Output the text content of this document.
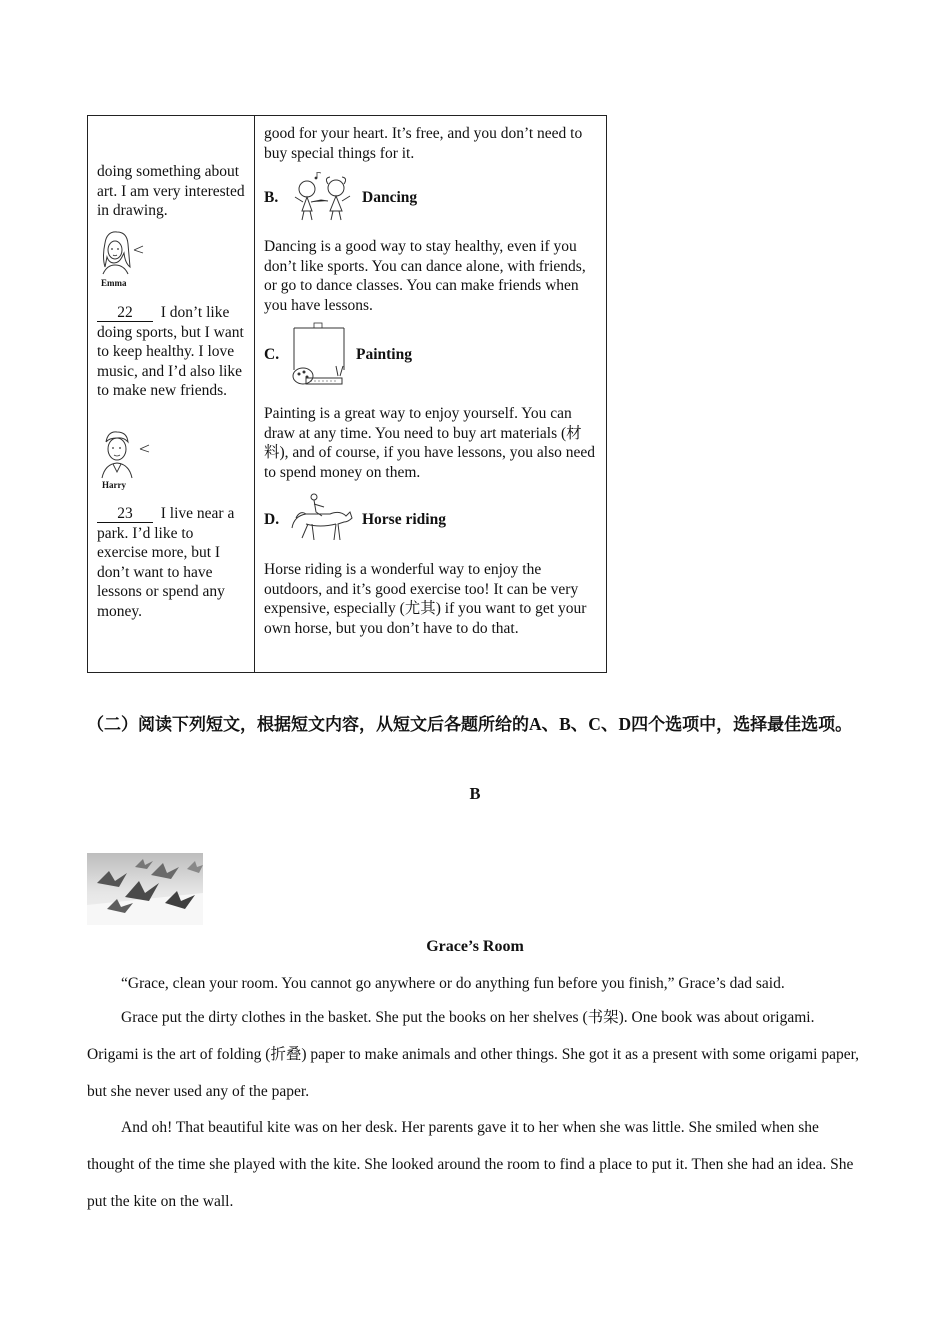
doing something about art. I am very interested in drawing.
Emma
22 I don’t like doing sports, but I want to keep healthy. I love music, and I’d also like to make new friends.
Harry
23 I live near a park. I’d like to exercise more, but I don’t want to have lessons or spend any money.

good for your heart. It’s free, and you don’t need to buy special things for it.
B.	Dancing
Dancing is a good way to stay healthy, even if you don’t like sports. You can dance alone, with friends, or go to dance classes. You can make friends when you have lessons.
C.	Painting
Painting is a great way to enjoy yourself. You can draw at any time. You need to buy art materials (材料), and of course, if you have lessons, you also need to spend money on them.
D.	Horse riding
Horse riding is a wonderful way to enjoy the outdoors, and it’s good exercise too! It can be very expensive, especially (尤其) if you want to get your own horse, but you don’t have to do that.
（二）阅读下列短文，根据短文内容，从短文后各题所给的A、B、C、D四个选项中，选择最佳选项。
B
Grace’s Room
“Grace, clean your room. You cannot go anywhere or do anything fun before you finish,” Grace’s dad said.
Grace put the dirty clothes in the basket. She put the books on her shelves (书架). One book was about origami. Origami is the art of folding (折叠) paper to make animals and other things. She got it as a present with some origami paper, but she never used any of the paper.
And oh! That beautiful kite was on her desk. Her parents gave it to her when she was little. She smiled when she thought of the time she played with the kite. She looked around the room to find a place to put it. Then she had an idea. She put the kite on the wall.
